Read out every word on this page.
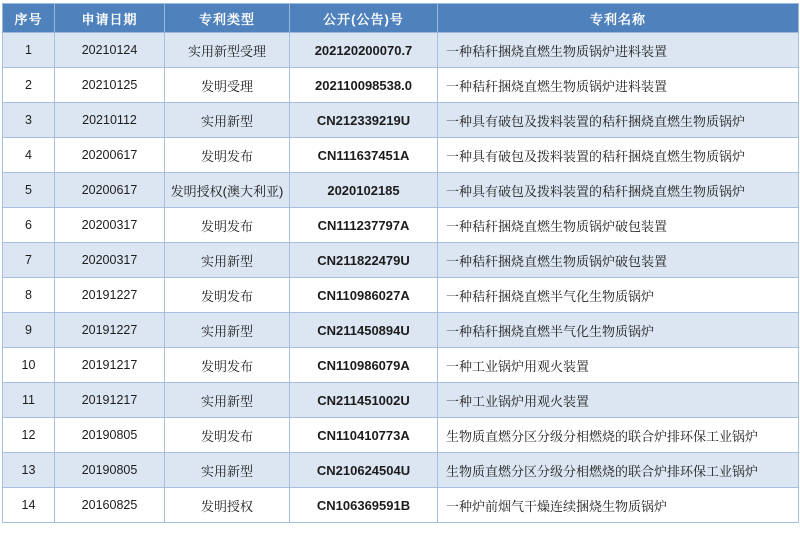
序号	申请日期	专利类型	公开(公告)号	专利名称
1	20210124	实用新型受理	202120200070.7	一种秸秆捆烧直燃生物质锅炉进料装置
2	20210125	发明受理	202110098538.0	一种秸秆捆烧直燃生物质锅炉进料装置
3	20210112	实用新型	CN212339219U	一种具有破包及拨料装置的秸秆捆烧直燃生物质锅炉
4	20200617	发明发布	CN111637451A	一种具有破包及拨料装置的秸秆捆烧直燃生物质锅炉
5	20200617	发明授权(澳大利亚)	2020102185	一种具有破包及拨料装置的秸秆捆烧直燃生物质锅炉
6	20200317	发明发布	CN111237797A	一种秸秆捆烧直燃生物质锅炉破包装置
7	20200317	实用新型	CN211822479U	一种秸秆捆烧直燃生物质锅炉破包装置
8	20191227	发明发布	CN110986027A	一种秸秆捆烧直燃半气化生物质锅炉
9	20191227	实用新型	CN211450894U	一种秸秆捆烧直燃半气化生物质锅炉
10	20191217	发明发布	CN110986079A	一种工业锅炉用观火装置
11	20191217	实用新型	CN211451002U	一种工业锅炉用观火装置
12	20190805	发明发布	CN110410773A	生物质直燃分区分级分相燃烧的联合炉排环保工业锅炉
13	20190805	实用新型	CN210624504U	生物质直燃分区分级分相燃烧的联合炉排环保工业锅炉
14	20160825	发明授权	CN106369591B	一种炉前烟气干燥连续捆烧生物质锅炉
